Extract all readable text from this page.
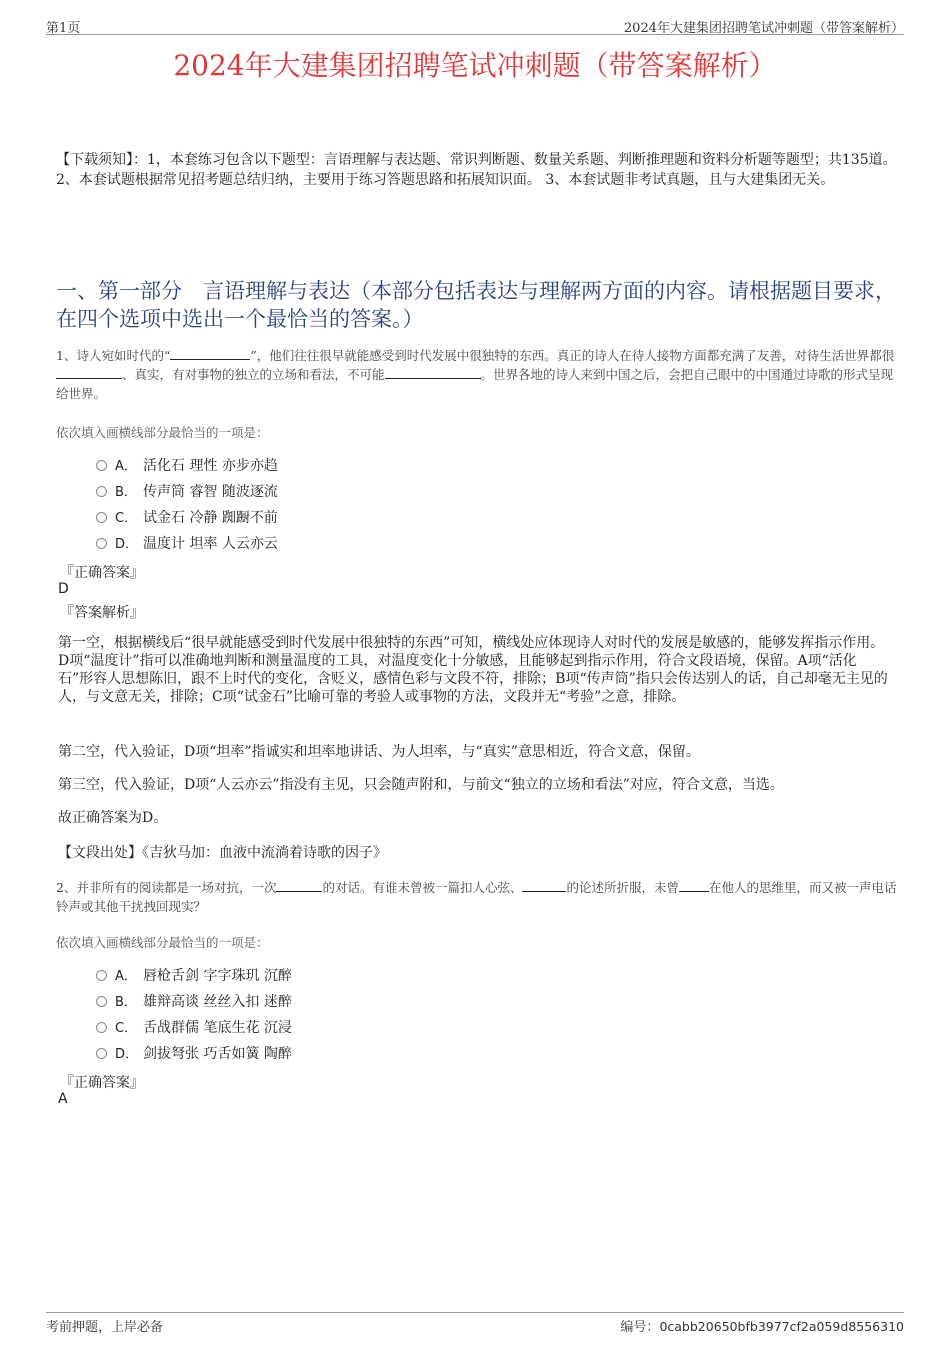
第1页	2024年大建集团招聘笔试冲刺题（带答案解析）
2024年大建集团招聘笔试冲刺题（带答案解析）
【下载须知】：1，本套练习包含以下题型：言语理解与表达题、常识判断题、数量关系题、判断推理题和资料分析题等题型；共135道。 2、本套试题根据常见招考题总结归纳，主要用于练习答题思路和拓展知识面。 3、本套试题非考试真题，且与大建集团无关。
一、第一部分　言语理解与表达（本部分包括表达与理解两方面的内容。请根据题目要求，在四个选项中选出一个最恰当的答案。）
1、诗人宛如时代的“	”，他们往往很早就能感受到时代发展中很独特的东西。真正的诗人在待人接物方面都充满了友善，对待生活世界都很、真实，有对事物的独立的立场和看法，不可能	。世界各地的诗人来到中国之后，会把自己眼中的中国通过诗歌的形式呈现给世界。
依次填入画横线部分最恰当的一项是：
A． 活化石 理性 亦步亦趋
B． 传声筒 睿智 随波逐流
C． 试金石 冷静 踟蹰不前
D． 温度计 坦率 人云亦云
『正确答案』
D
『答案解析』
第一空，根据横线后“很早就能感受到时代发展中很独特的东西”可知，横线处应体现诗人对时代的发展是敏感的，能够发挥指示作用。D项“温度计”指可以准确地判断和测量温度的工具，对温度变化十分敏感，且能够起到指示作用，符合文段语境，保留。A项“活化石”形容人思想陈旧，跟不上时代的变化，含贬义，感情色彩与文段不符，排除；B项“传声筒”指只会传达别人的话，自己却毫无主见的人，与文意无关，排除；C项“试金石”比喻可靠的考验人或事物的方法，文段并无“考验”之意，排除。
第二空，代入验证，D项“坦率”指诚实和坦率地讲话、为人坦率，与“真实”意思相近，符合文意，保留。
第三空，代入验证，D项“人云亦云”指没有主见，只会随声附和，与前文“独立的立场和看法”对应，符合文意，当选。
故正确答案为D。
【文段出处】《吉狄马加：血液中流淌着诗歌的因子》
2、并非所有的阅读都是一场对抗，一次	的对话。有谁未曾被一篇扣人心弦、	的论述所折服，未曾 在他人的思维里，而又被一声电话铃声或其他干扰拽回现实？
依次填入画横线部分最恰当的一项是：
A． 唇枪舌剑 字字珠玑 沉醉
B． 雄辩高谈 丝丝入扣 迷醉
C． 舌战群儒 笔底生花 沉浸
D． 剑拔弩张 巧舌如簧 陶醉
『正确答案』
A
考前押题，上岸必备	编号：0cabb20650bfb3977cf2a059d8556310
